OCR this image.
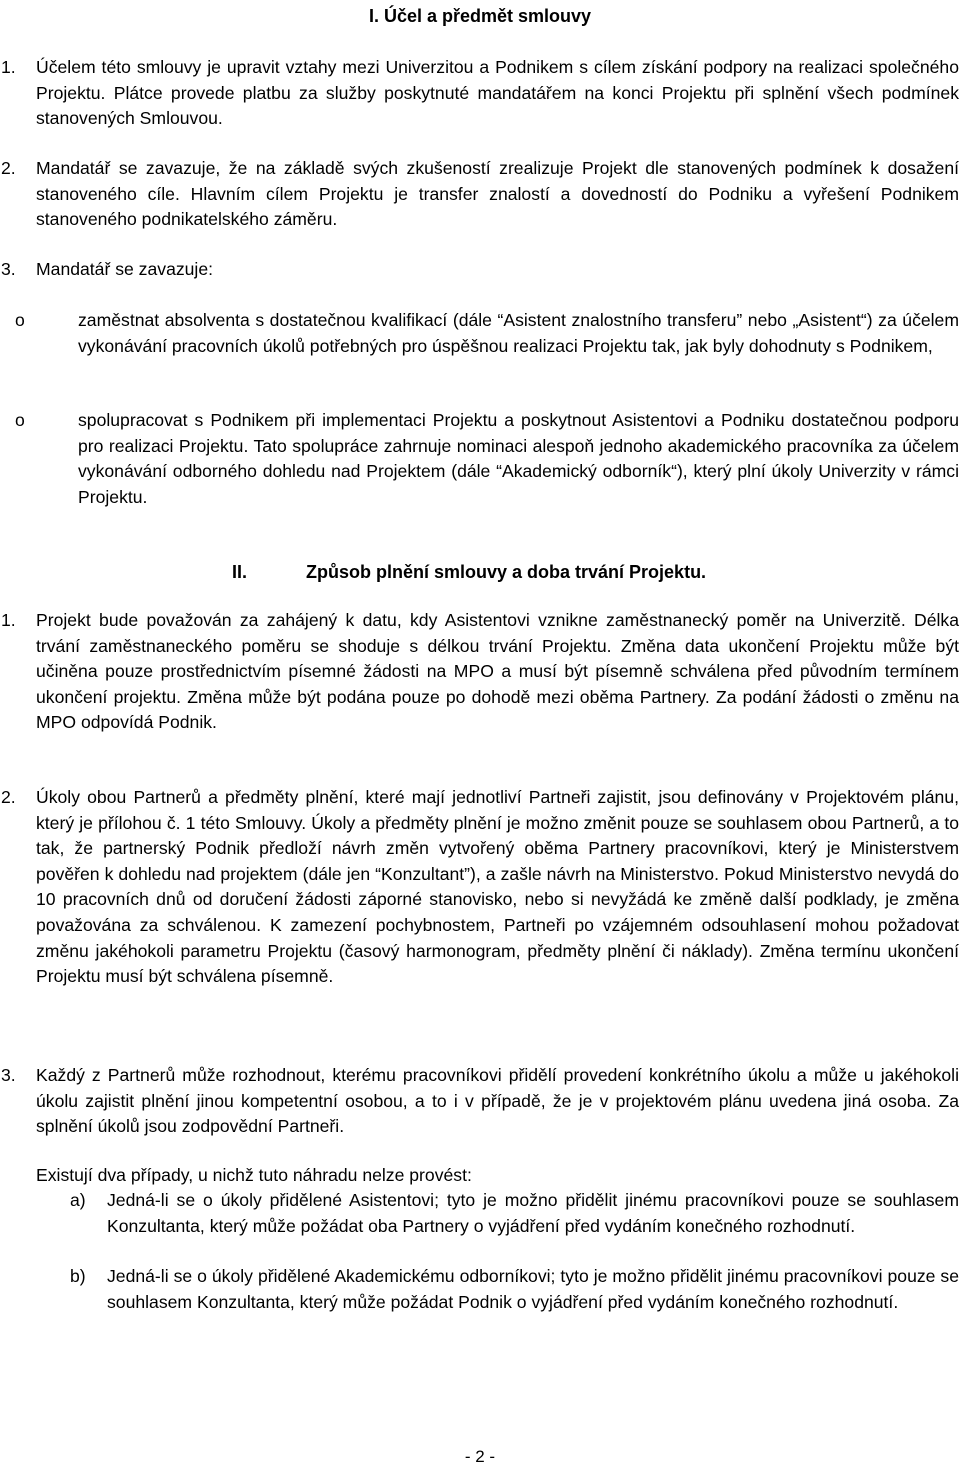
I. Účel a předmět smlouvy
1.	Účelem této smlouvy je upravit vztahy mezi Univerzitou a Podnikem s cílem získání podpory na realizaci společného Projektu. Plátce provede platbu za služby poskytnuté mandatářem na konci Projektu při splnění všech podmínek stanovených Smlouvou.
2.	Mandatář se zavazuje, že na základě svých zkušeností zrealizuje Projekt dle stanovených podmínek k dosažení stanoveného cíle. Hlavním cílem Projektu je transfer znalostí a dovedností do Podniku a vyřešení Podnikem stanoveného podnikatelského záměru.
3.	Mandatář se zavazuje:
o	zaměstnat absolventa s dostatečnou kvalifikací (dále “Asistent znalostního transferu” nebo „Asistent“) za účelem vykonávání pracovních úkolů potřebných pro úspěšnou realizaci Projektu tak, jak byly dohodnuty s Podnikem,
o	spolupracovat s Podnikem při implementaci Projektu a poskytnout Asistentovi a Podniku dostatečnou podporu pro realizaci Projektu. Tato spolupráce zahrnuje nominaci alespoň jednoho akademického pracovníka za účelem vykonávání odborného dohledu nad Projektem (dále “Akademický odborník“), který plní úkoly Univerzity v rámci Projektu.
II.	Způsob plnění smlouvy a doba trvání Projektu.
1.	Projekt bude považován za zahájený k datu, kdy Asistentovi vznikne zaměstnanecký poměr na Univerzitě. Délka trvání zaměstnaneckého poměru se shoduje s délkou trvání Projektu. Změna data ukončení Projektu může být učiněna pouze prostřednictvím písemné žádosti na MPO a musí být písemně schválena před původním termínem ukončení projektu. Změna může být podána pouze po dohodě mezi oběma Partnery. Za podání žádosti o změnu na MPO odpovídá Podnik.
2.	Úkoly obou Partnerů a předměty plnění, které mají jednotliví Partneři zajistit, jsou definovány v Projektovém plánu, který je přílohou č. 1 této Smlouvy. Úkoly a předměty plnění je možno změnit pouze se souhlasem obou Partnerů, a to tak, že partnerský Podnik předloží návrh změn vytvořený oběma Partnery pracovníkovi, který je Ministerstvem pověřen k dohledu nad projektem (dále jen “Konzultant”), a zašle návrh na Ministerstvo. Pokud Ministerstvo nevydá do 10 pracovních dnů od doručení žádosti záporné stanovisko, nebo si nevyžádá ke změně další podklady, je změna považována za schválenou. K zamezení pochybnostem, Partneři po vzájemném odsouhlasení mohou požadovat změnu jakéhokoli parametru Projektu (časový harmonogram, předměty plnění či náklady). Změna termínu ukončení Projektu musí být schválena písemně.
3.	Každý z Partnerů může rozhodnout, kterému pracovníkovi přidělí provedení konkrétního úkolu a může u jakéhokoli úkolu zajistit plnění jinou kompetentní osobou, a to i v případě, že je v projektovém plánu uvedena jiná osoba. Za splnění úkolů jsou zodpovědní Partneři.
Existují dva případy, u nichž tuto náhradu nelze provést:
a)	Jedná-li se o úkoly přidělené Asistentovi; tyto je možno přidělit jinému pracovníkovi pouze se souhlasem Konzultanta, který může požádat oba Partnery o vyjádření před vydáním konečného rozhodnutí.
b)	Jedná-li se o úkoly přidělené Akademickému odborníkovi; tyto je možno přidělit jinému pracovníkovi pouze se souhlasem Konzultanta, který může požádat Podnik o vyjádření před vydáním konečného rozhodnutí.
- 2 -
